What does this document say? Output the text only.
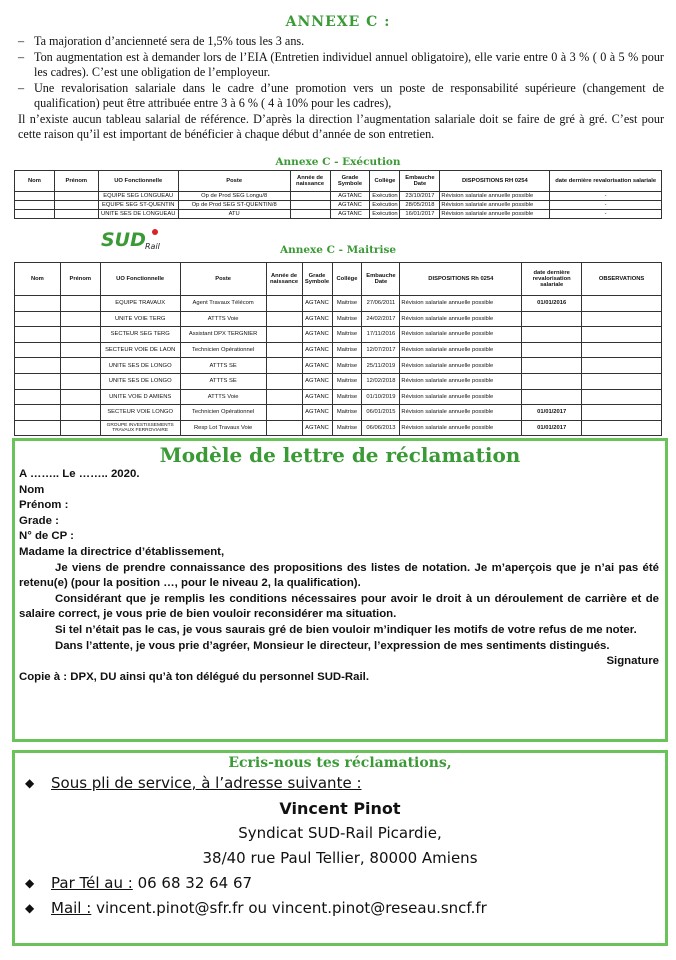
ANNEXE C :
– Ta majoration d’ancienneté sera de 1,5% tous les 3 ans.
– Ton augmentation est à demander lors de l’EIA (Entretien individuel annuel obligatoire), elle varie entre 0 à 3 % ( 0 à 5 % pour les cadres). C’est une obligation de l’employeur.
– Une revalorisation salariale dans le cadre d’une promotion vers un poste de responsabilité supérieure (changement de qualification) peut être attribuée entre 3 à 6 % ( 4 à 10% pour les cadres),
Il n’existe aucun tableau salarial de référence. D’après la direction l’augmentation salariale doit se faire de gré à gré. C’est pour cette raison qu’il est important de bénéficier à chaque début d’année de son entretien.
Annexe C - Exécution
Nom	Prénom	UO Fonctionnelle	Poste	Année de naissance	Grade Symbole	Collège	Embauche Date	DISPOSITIONS RH 0254	date dernière revalorisation salariale
		EQUIPE SEG LONGUEAU	Op de Prod SEG Longu/8		AGTANC	Exécution	23/10/2017	Révision salariale annuelle possible	-
		EQUIPE SEG ST-QUENTIN	Op de Prod SEG ST-QUENTIN/8		AGTANC	Exécution	28/05/2018	Révision salariale annuelle possible	-
		UNITE SES DE LONGUEAU	ATU		AGTANC	Exécution	16/01/2017	Révision salariale annuelle possible	-
SUD Rail	Annexe C - Maitrise
Nom	Prénom	UO Fonctionnelle	Poste	Année de naissance	Grade Symbole	Collège	Embauche Date	DISPOSITIONS Rh 0254	date dernière revalorisation salariale	OBSERVATIONS
		EQUIPE TRAVAUX	Agent Travaux Télécom		AGTANC	Maitrise	27/06/2011	Révision salariale annuelle possible	01/01/2016	
		UNITE VOIE TERG	ATTTS Voie		AGTANC	Maitrise	24/02/2017	Révision salariale annuelle possible		
		SECTEUR SEG TERG	Assistant DPX TERGNIER		AGTANC	Maitrise	17/11/2016	Révision salariale annuelle possible		
		SECTEUR VOIE DE LAON	Technicien Opérationnel		AGTANC	Maitrise	12/07/2017	Révision salariale annuelle possible		
		UNITE SES DE LONGO	ATTTS SE		AGTANC	Maitrise	25/11/2019	Révision salariale annuelle possible		
		UNITE SES DE LONGO	ATTTS SE		AGTANC	Maitrise	12/02/2018	Révision salariale annuelle possible		
		UNITE VOIE D AMIENS	ATTTS Voie		AGTANC	Maitrise	01/10/2019	Révision salariale annuelle possible		
		SECTEUR VOIE LONGO	Technicien Opérationnel		AGTANC	Maitrise	06/01/2015	Révision salariale annuelle possible	01/01/2017	
		GROUPE INVESTISSEMENTS TRAVAUX FERROVIAIRE	Resp Lot Travaux Voie		AGTANC	Maitrise	06/06/2013	Révision salariale annuelle possible	01/01/2017	
Modèle de lettre de réclamation
A …….. Le …….. 2020.
Nom
Prénom :
Grade :
N° de CP :
Madame la directrice d’établissement,
Je viens de prendre connaissance des propositions des listes de notation. Je m’aperçois que je n’ai pas été retenu(e) (pour la position …, pour le niveau 2, la qualification).
Considérant que je remplis les conditions nécessaires pour avoir le droit à un déroulement de carrière et de salaire correct, je vous prie de bien vouloir reconsidérer ma situation.
Si tel n’était pas le cas, je vous saurais gré de bien vouloir m’indiquer les motifs de votre refus de me noter.
Dans l’attente, je vous prie d’agréer, Monsieur le directeur, l’expression de mes sentiments distingués.
Signature
Copie à : DPX, DU ainsi qu’à ton délégué du personnel SUD-Rail.
Ecris-nous tes réclamations,
◆ Sous pli de service, à l’adresse suivante :
Vincent Pinot
Syndicat SUD-Rail Picardie,
38/40 rue Paul Tellier, 80000 Amiens
◆ Par Tél au : 06 68 32 64 67
◆ Mail : vincent.pinot@sfr.fr ou vincent.pinot@reseau.sncf.fr
